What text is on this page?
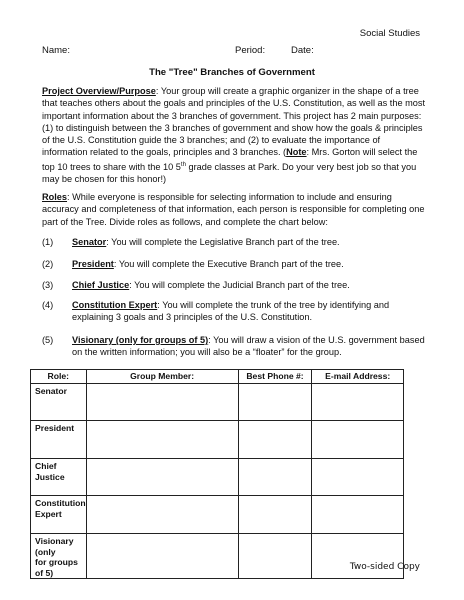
Social Studies
Name:	Period:	Date:
The "Tree" Branches of Government
Project Overview/Purpose: Your group will create a graphic organizer in the shape of a tree that teaches others about the goals and principles of the U.S. Constitution, as well as the most important information about the 3 branches of government. This project has 2 main purposes: (1) to distinguish between the 3 branches of government and show how the goals & principles of the U.S. Constitution guide the 3 branches; and (2) to evaluate the importance of information related to the goals, principles and 3 branches. (Note: Mrs. Gorton will select the top 10 trees to share with the 10 5th grade classes at Park. Do your very best job so that you may be chosen for this honor!)
Roles: While everyone is responsible for selecting information to include and ensuring accuracy and completeness of that information, each person is responsible for completing one part of the Tree. Divide roles as follows, and complete the chart below:
(1) Senator: You will complete the Legislative Branch part of the tree.
(2) President: You will complete the Executive Branch part of the tree.
(3) Chief Justice: You will complete the Judicial Branch part of the tree.
(4) Constitution Expert: You will complete the trunk of the tree by identifying and explaining 3 goals and 3 principles of the U.S. Constitution.
(5) Visionary (only for groups of 5): You will draw a vision of the U.S. government based on the written information; you will also be a “floater” for the group.
Role:	Group Member:	Best Phone #:	E-mail Address:
Senator

President

Chief Justice

Constitution
Expert			
Visionary (only
for groups of 5)			
Two-sided Copy
